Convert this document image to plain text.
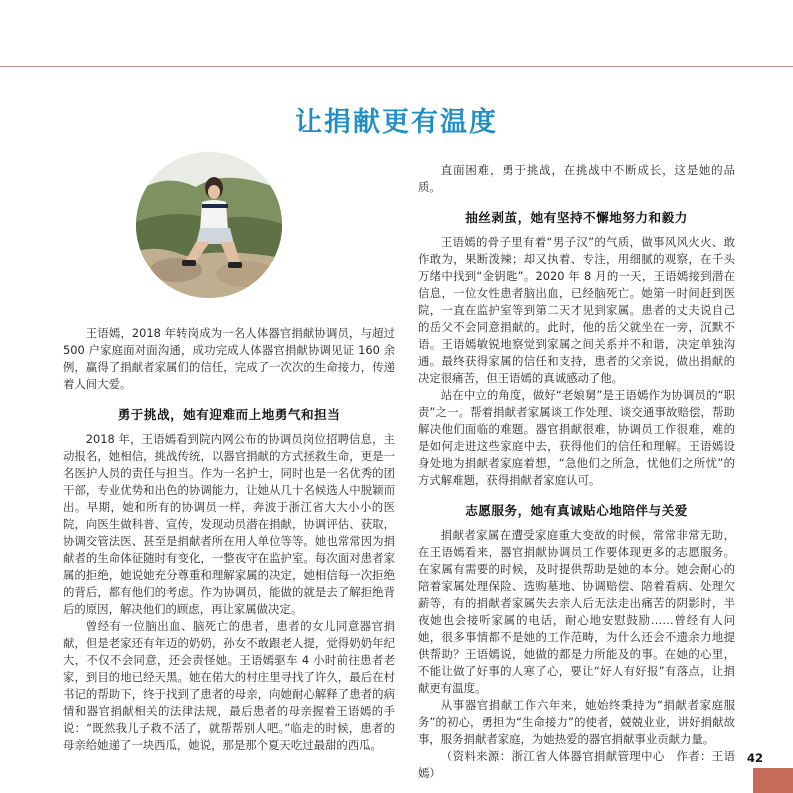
让捐献更有温度

王语嫣，2018 年转岗成为一名人体器官捐献协调员，与超过 500 户家庭面对面沟通，成功完成人体器官捐献协调见证 160 余例，赢得了捐献者家属们的信任，完成了一次次的生命接力，传递着人间大爱。

勇于挑战，她有迎难而上地勇气和担当

2018 年，王语嫣看到院内网公布的协调员岗位招聘信息，主动报名，她相信，挑战传统，以器官捐献的方式拯救生命，更是一名医护人员的责任与担当。作为一名护士，同时也是一名优秀的团干部，专业优势和出色的协调能力，让她从几十名候选人中脱颖而出。早期，她和所有的协调员一样，奔波于浙江省大大小小的医院，向医生做科普、宣传，发现动员潜在捐献，协调评估、获取，协调交管法医、甚至是捐献者所在用人单位等等。她也常常因为捐献者的生命体征随时有变化，一整夜守在监护室。每次面对患者家属的拒绝，她说她充分尊重和理解家属的决定，她相信每一次拒绝的背后，都有他们的考虑。作为协调员，能做的就是去了解拒绝背后的原因，解决他们的顾虑，再让家属做决定。

曾经有一位脑出血、脑死亡的患者，患者的女儿同意器官捐献，但是老家还有年迈的奶奶，孙女不敢跟老人提，觉得奶奶年纪大，不仅不会同意，还会责怪她。王语嫣驱车 4 小时前往患者老家，到目的地已经天黑。她在偌大的村庄里寻找了许久，最后在村书记的帮助下，终于找到了患者的母亲，向她耐心解释了患者的病情和器官捐献相关的法律法规，最后患者的母亲握着王语嫣的手说：“既然我儿子救不活了，就帮帮别人吧。”临走的时候，患者的母亲给她递了一块西瓜，她说，那是那个夏天吃过最甜的西瓜。

直面困难，勇于挑战，在挑战中不断成长，这是她的品质。

抽丝剥茧，她有坚持不懈地努力和毅力

王语嫣的骨子里有着“男子汉”的气质，做事风风火火、敢作敢为，果断泼辣；却又执着、专注，用细腻的观察，在千头万绪中找到“金钥匙”。2020 年 8 月的一天，王语嫣接到潜在信息，一位女性患者脑出血，已经脑死亡。她第一时间赶到医院，一直在监护室等到第二天才见到家属。患者的丈夫说自己的岳父不会同意捐献的。此时，他的岳父就坐在一旁，沉默不语。王语嫣敏锐地察觉到家属之间关系并不和谐，决定单独沟通。最终获得家属的信任和支持，患者的父亲说，做出捐献的决定很痛苦，但王语嫣的真诚感动了他。

站在中立的角度，做好“老娘舅”是王语嫣作为协调员的“职责”之一。帮着捐献者家属谈工作处理、谈交通事故赔偿，帮助解决他们面临的难题。器官捐献很难，协调员工作很难，难的是如何走进这些家庭中去，获得他们的信任和理解。王语嫣设身处地为捐献者家庭着想，“急他们之所急，忧他们之所忧”的方式解难题，获得捐献者家庭认可。

志愿服务，她有真诚贴心地陪伴与关爱

捐献者家属在遭受家庭重大变故的时候，常常非常无助，在王语嫣看来，器官捐献协调员工作要体现更多的志愿服务。在家属有需要的时候，及时提供帮助是她的本分。她会耐心的陪着家属处理保险、选购墓地、协调赔偿、陪着看病、处理欠薪等，有的捐献者家属失去亲人后无法走出痛苦的阴影时，半夜她也会接听家属的电话，耐心地安慰鼓励……曾经有人问她，很多事情都不是她的工作范畴，为什么还会不遗余力地提供帮助？王语嫣说，她做的都是力所能及的事。在她的心里，不能让做了好事的人寒了心，要让“好人有好报”有落点，让捐献更有温度。

从事器官捐献工作六年来，她始终秉持为“捐献者家庭服务”的初心，勇担为“生命接力”的使者，兢兢业业，讲好捐献故事，服务捐献者家庭，为她热爱的器官捐献事业贡献力量。

（资料来源：浙江省人体器官捐献管理中心　作者：王语嫣）

42
